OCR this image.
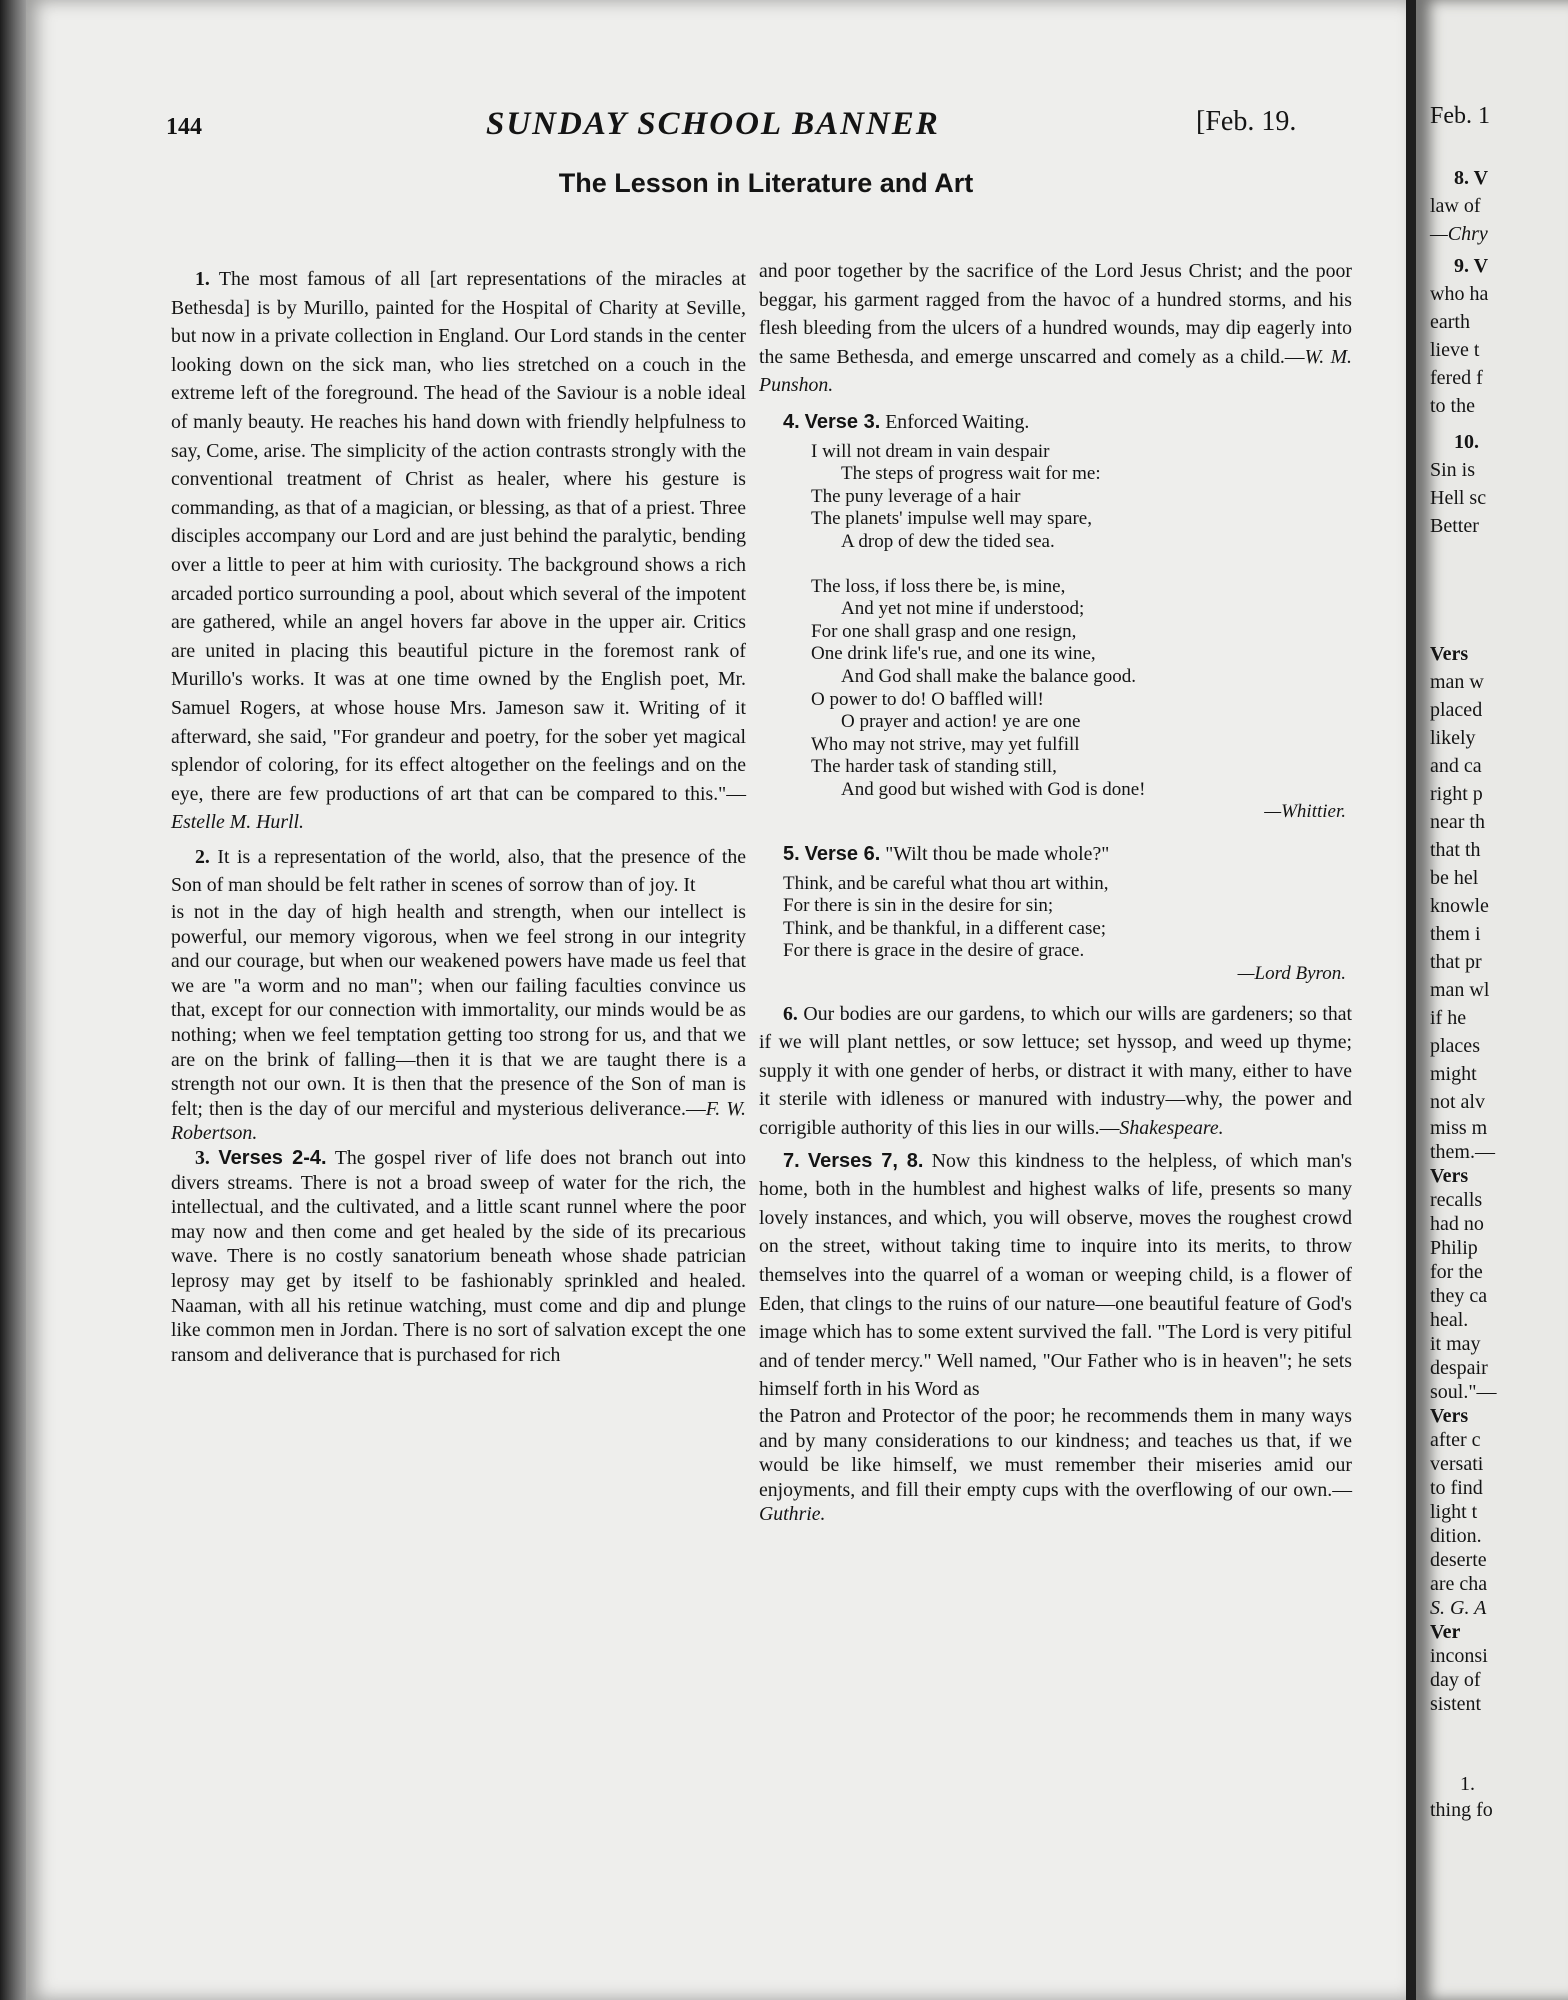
144	SUNDAY SCHOOL BANNER	[Feb. 19.
The Lesson in Literature and Art

1. The most famous of all [art representations of the miracles at Bethesda] is by Murillo, painted for the Hospital of Charity at Seville, but now in a private collection in England. Our Lord stands in the center looking down on the sick man, who lies stretched on a couch in the extreme left of the foreground. The head of the Saviour is a noble ideal of manly beauty. He reaches his hand down with friendly helpfulness to say, Come, arise. The simplicity of the action contrasts strongly with the conventional treatment of Christ as healer, where his gesture is commanding, as that of a magician, or blessing, as that of a priest. Three disciples accompany our Lord and are just behind the paralytic, bending over a little to peer at him with curiosity. The background shows a rich arcaded portico surrounding a pool, about which several of the impotent are gathered, while an angel hovers far above in the upper air. Critics are united in placing this beautiful picture in the foremost rank of Murillo's works. It was at one time owned by the English poet, Mr. Samuel Rogers, at whose house Mrs. Jameson saw it. Writing of it afterward, she said, "For grandeur and poetry, for the sober yet magical splendor of coloring, for its effect altogether on the feelings and on the eye, there are few productions of art that can be compared to this."—Estelle M. Hurll.

2. It is a representation of the world, also, that the presence of the Son of man should be felt rather in scenes of sorrow than of joy. It

is not in the day of high health and strength, when our intellect is powerful, our memory vigorous, when we feel strong in our integrity and our courage, but when our weakened powers have made us feel that we are "a worm and no man"; when our failing faculties convince us that, except for our connection with immortality, our minds would be as nothing; when we feel temptation getting too strong for us, and that we are on the brink of falling—then it is that we are taught there is a strength not our own. It is then that the presence of the Son of man is felt; then is the day of our merciful and mysterious deliverance.—F. W. Robertson.

3. Verses 2-4. The gospel river of life does not branch out into divers streams. There is not a broad sweep of water for the rich, the intellectual, and the cultivated, and a little scant runnel where the poor may now and then come and get healed by the side of its precarious wave. There is no costly sanatorium beneath whose shade patrician leprosy may get by itself to be fashionably sprinkled and healed. Naaman, with all his retinue watching, must come and dip and plunge like common men in Jordan. There is no sort of salvation except the one ransom and deliverance that is purchased for rich

and poor together by the sacrifice of the Lord Jesus Christ; and the poor beggar, his garment ragged from the havoc of a hundred storms, and his flesh bleeding from the ulcers of a hundred wounds, may dip eagerly into the same Bethesda, and emerge unscarred and comely as a child.—W. M. Punshon.

4. Verse 3. Enforced Waiting.

I will not dream in vain despair
The steps of progress wait for me:
The puny leverage of a hair
The planets' impulse well may spare,
A drop of dew the tided sea.
The loss, if loss there be, is mine,
And yet not mine if understood;
For one shall grasp and one resign,
One drink life's rue, and one its wine,
And God shall make the balance good.
O power to do! O baffled will!
O prayer and action! ye are one
Who may not strive, may yet fulfill
The harder task of standing still,
And good but wished with God is done!
—Whittier.

5. Verse 6. "Wilt thou be made whole?"

Think, and be careful what thou art within,
For there is sin in the desire for sin;
Think, and be thankful, in a different case;
For there is grace in the desire of grace.
—Lord Byron.

6. Our bodies are our gardens, to which our wills are gardeners; so that if we will plant nettles, or sow lettuce; set hyssop, and weed up thyme; supply it with one gender of herbs, or distract it with many, either to have it sterile with idleness or manured with industry—why, the power and corrigible authority of this lies in our wills.—Shakespeare.

7. Verses 7, 8. Now this kindness to the helpless, of which man's home, both in the humblest and highest walks of life, presents so many lovely instances, and which, you will observe, moves the roughest crowd on the street, without taking time to inquire into its merits, to throw themselves into the quarrel of a woman or weeping child, is a flower of Eden, that clings to the ruins of our nature—one beautiful feature of God's image which has to some extent survived the fall. "The Lord is very pitiful and of tender mercy." Well named, "Our Father who is in heaven"; he sets himself forth in his Word as

the Patron and Protector of the poor; he recommends them in many ways and by many considerations to our kindness; and teaches us that, if we would be like himself, we must remember their miseries amid our enjoyments, and fill their empty cups with the overflowing of our own.—Guthrie.

Feb. 1
8. V
law of
—Chry
9. V
who ha
earth
lieve t
fered f
to the
10.
Sin is
Hell sc
Better
Vers
man w
placed
likely
and ca
right p
near th
that th
be hel
knowle
them i
that pr
man wl
if he
places
might
not alv
miss m
them.—
Vers
recalls
had no
Philip
for the
they ca
heal.
it may
despair
soul."—
Vers
after c
versati
to find
light t
dition.
deserte
are cha
S. G. A
Ver
inconsi
day of
sistent
1.
thing fo
